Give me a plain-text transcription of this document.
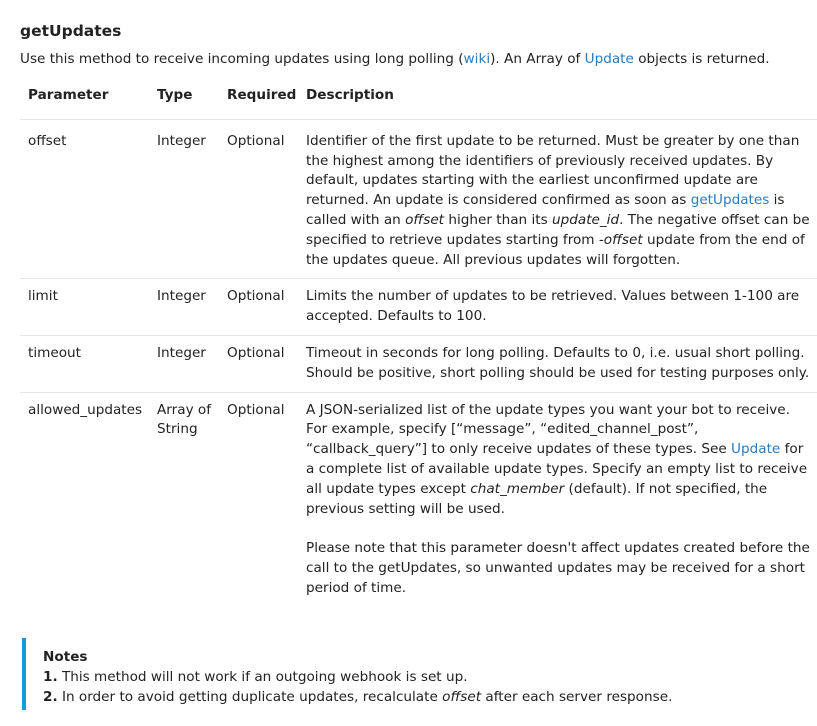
getUpdates

Use this method to receive incoming updates using long polling (wiki). An Array of Update objects is returned.

Parameter	Type	Required	Description
offset	Integer	Optional	Identifier of the first update to be returned. Must be greater by one than the highest among the identifiers of previously received updates. By default, updates starting with the earliest unconfirmed update are returned. An update is considered confirmed as soon as getUpdates is called with an offset higher than its update_id. The negative offset can be specified to retrieve updates starting from -offset update from the end of the updates queue. All previous updates will forgotten.
limit	Integer	Optional	Limits the number of updates to be retrieved. Values between 1-100 are accepted. Defaults to 100.
timeout	Integer	Optional	Timeout in seconds for long polling. Defaults to 0, i.e. usual short polling. Should be positive, short polling should be used for testing purposes only.
allowed_updates	Array of String	Optional	A JSON-serialized list of the update types you want your bot to receive. For example, specify [“message”, “edited_channel_post”, “callback_query”] to only receive updates of these types. See Update for a complete list of available update types. Specify an empty list to receive all update types except chat_member (default). If not specified, the previous setting will be used.
Please note that this parameter doesn't affect updates created before the call to the getUpdates, so unwanted updates may be received for a short period of time.
Notes
1. This method will not work if an outgoing webhook is set up.
2. In order to avoid getting duplicate updates, recalculate offset after each server response.
